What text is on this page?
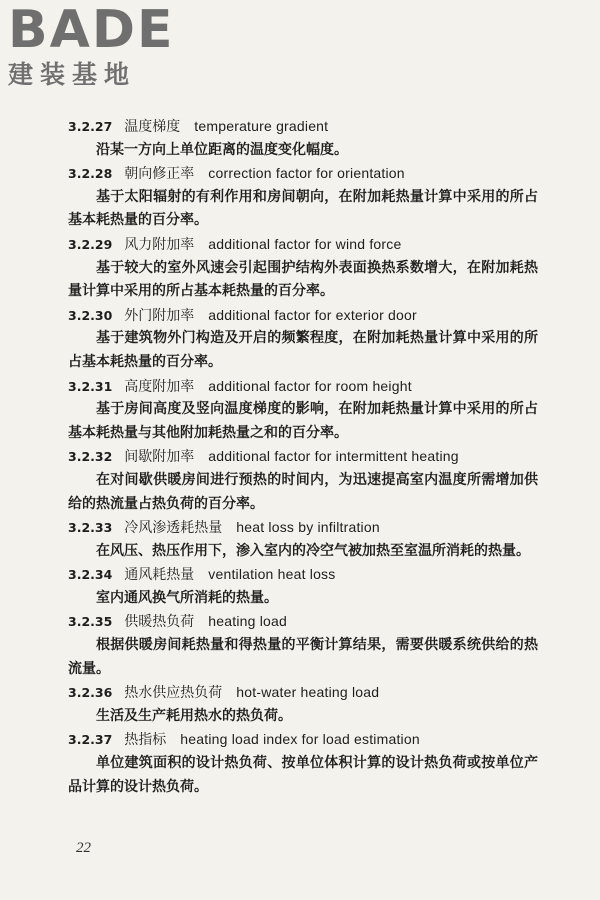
BADE
建装基地
3.2.27 温度梯度 temperature gradient

沿某一方向上单位距离的温度变化幅度。

3.2.28 朝向修正率 correction factor for orientation

基于太阳辐射的有利作用和房间朝向，在附加耗热量计算中采用的所占基本耗热量的百分率。

3.2.29 风力附加率 additional factor for wind force

基于较大的室外风速会引起围护结构外表面换热系数增大，在附加耗热量计算中采用的所占基本耗热量的百分率。

3.2.30 外门附加率 additional factor for exterior door

基于建筑物外门构造及开启的频繁程度，在附加耗热量计算中采用的所占基本耗热量的百分率。

3.2.31 高度附加率 additional factor for room height

基于房间高度及竖向温度梯度的影响，在附加耗热量计算中采用的所占基本耗热量与其他附加耗热量之和的百分率。

3.2.32 间歇附加率 additional factor for intermittent heating

在对间歇供暖房间进行预热的时间内，为迅速提高室内温度所需增加供给的热流量占热负荷的百分率。

3.2.33 冷风渗透耗热量 heat loss by infiltration

在风压、热压作用下，渗入室内的冷空气被加热至室温所消耗的热量。

3.2.34 通风耗热量 ventilation heat loss

室内通风换气所消耗的热量。

3.2.35 供暖热负荷 heating load

根据供暖房间耗热量和得热量的平衡计算结果，需要供暖系统供给的热流量。

3.2.36 热水供应热负荷 hot-water heating load

生活及生产耗用热水的热负荷。

3.2.37 热指标 heating load index for load estimation

单位建筑面积的设计热负荷、按单位体积计算的设计热负荷或按单位产品计算的设计热负荷。

22
